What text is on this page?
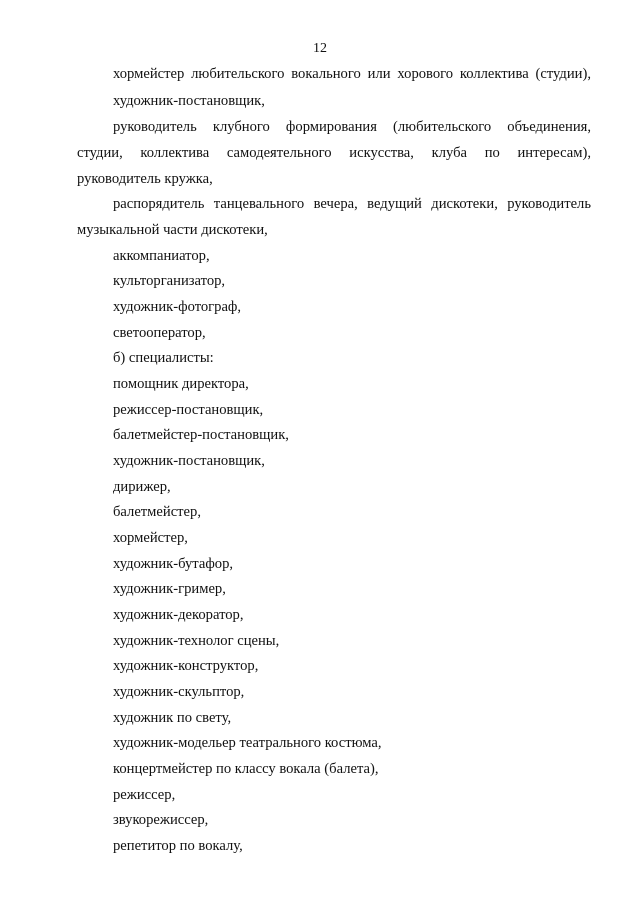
12
хормейстер любительского вокального или хорового коллектива (студии),
художник-постановщик,
руководитель клубного формирования (любительского объединения,
студии, коллектива самодеятельного искусства, клуба по интересам),
руководитель кружка,
распорядитель танцевального вечера, ведущий дискотеки, руководитель
музыкальной части дискотеки,
аккомпаниатор,
культорганизатор,
художник-фотограф,
светооператор,
б) специалисты:
помощник директора,
режиссер-постановщик,
балетмейстер-постановщик,
художник-постановщик,
дирижер,
балетмейстер,
хормейстер,
художник-бутафор,
художник-гример,
художник-декоратор,
художник-технолог сцены,
художник-конструктор,
художник-скульптор,
художник по свету,
художник-модельер театрального костюма,
концертмейстер по классу вокала (балета),
режиссер,
звукорежиссер,
репетитор по вокалу,
